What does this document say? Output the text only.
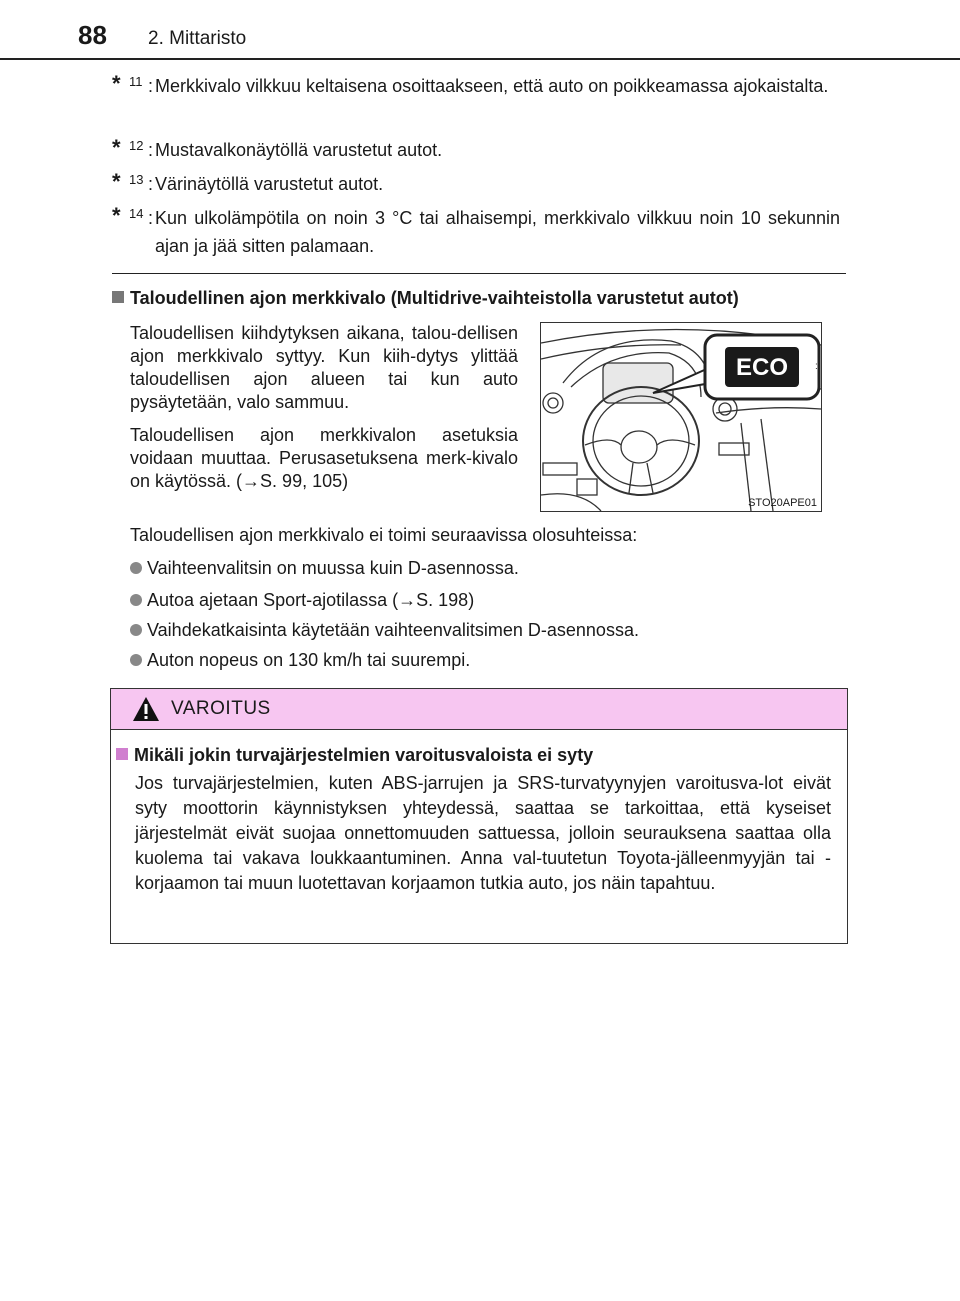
88 2. Mittaristo
* 11 : Merkkivalo vilkkuu keltaisena osoittaakseen, että auto on poikkeamassa ajokaistalta.
* 12 : Mustavalkonäytöllä varustetut autot.
* 13 : Värinäytöllä varustetut autot.
* 14 : Kun ulkolämpötila on noin 3 °C tai alhaisempi, merkkivalo vilkkuu noin 10 sekunnin ajan ja jää sitten palamaan.
Taloudellinen ajon merkkivalo (Multidrive-vaihteistolla varustetut autot)
Taloudellisen kiihdytyksen aikana, talou-dellisen ajon merkkivalo syttyy. Kun kiih-dytys ylittää taloudellisen ajon alueen tai kun auto pysäytetään, valo sammuu.
Taloudellisen ajon merkkivalon asetuksia voidaan muuttaa. Perusasetuksena merk-kivalo on käytössä. (→S. 99, 105)
ECO	:
STO20APE01
Taloudellisen ajon merkkivalo ei toimi seuraavissa olosuhteissa:
Vaihteenvalitsin on muussa kuin D-asennossa.
Autoa ajetaan Sport-ajotilassa (→S. 198)
Vaihdekatkaisinta käytetään vaihteenvalitsimen D-asennossa.
Auton nopeus on 130 km/h tai suurempi.
VAROITUS
Mikäli jokin turvajärjestelmien varoitusvaloista ei syty
Jos turvajärjestelmien, kuten ABS-jarrujen ja SRS-turvatyynyjen varoitusva-lot eivät syty moottorin käynnistyksen yhteydessä, saattaa se tarkoittaa, että kyseiset järjestelmät eivät suojaa onnettomuuden sattuessa, jolloin seurauksena saattaa olla kuolema tai vakava loukkaantuminen. Anna val-tuutetun Toyota-jälleenmyyjän tai -korjaamon tai muun luotettavan korjaamon tutkia auto, jos näin tapahtuu.
